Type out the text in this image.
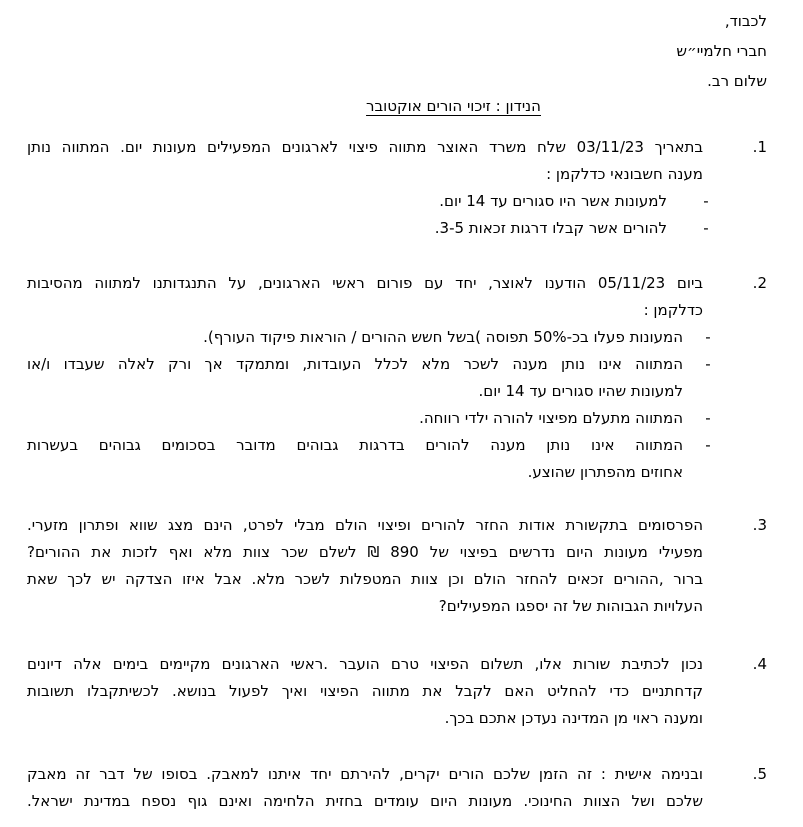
לכבוד,
חברי חלמיי״ש
שלום רב.
הנידון : זיכוי הורים אוקטובר
1.
בתאריך 03/11/23 שלח משרד האוצר מתווה פיצוי לארגונים המפעילים מעונות יום. המתווה נותן
מענה חשבונאי כדלקמן :
-
למעונות אשר היו סגורים עד 14 יום.
-
להורים אשר קבלו דרגות זכאות 3-5.
2.
ביום 05/11/23 הודענו לאוצר, יחד עם פורום ראשי הארגונים, על התנגדותנו למתווה מהסיבות
כדלקמן :
-
המעונות פעלו בכ-50% תפוסה )בשל חשש ההורים / הוראות פיקוד העורף).
-
המתווה אינו נותן מענה לשכר מלא לכלל העובדות, ומתמקד אך ורק לאלה שעבדו ו/או
למעונות שהיו סגורים עד 14 יום.
-
המתווה מתעלם מפיצוי להורה ילדי רווחה.
-
המתווה אינו נותן מענה להורים בדרגות גבוהים מדובר בסכומים גבוהים בעשרות
אחוזים מהפתרון שהוצע.
3.
הפרסומים בתקשורת אודות החזר להורים ופיצוי הולם מבלי לפרט, הינם מצג שווא ופתרון מזערי.
מפעילי מעונות היום נדרשים בפיצוי של 890 ₪ לשלם שכר צוות מלא ואף לזכות את ההורים?
ברור ,ההורים זכאים להחזר הולם וכן צוות המטפלות לשכר מלא. אבל איזו הצדקה יש לכך שאת
העלויות הגבוהות של זה יספגו המפעילים?
4.
נכון לכתיבת שורות אלו, תשלום הפיצוי טרם הועבר .ראשי הארגונים מקיימים בימים אלה דיונים
קדחתניים כדי להחליט האם לקבל את מתווה הפיצוי ואיך לפעול בנושא. לכשיתקבלו תשובות
ומענה ראוי מן המדינה נעדכן אתכם בכך.
5.
ובנימה אישית : זה הזמן שלכם הורים יקרים, להירתם יחד איתנו למאבק. בסופו של דבר זה מאבק
שלכם ושל הצוות החינוכי. מעונות היום עומדים בחזית הלחימה ואינם גוף נספח במדינת ישראל.
